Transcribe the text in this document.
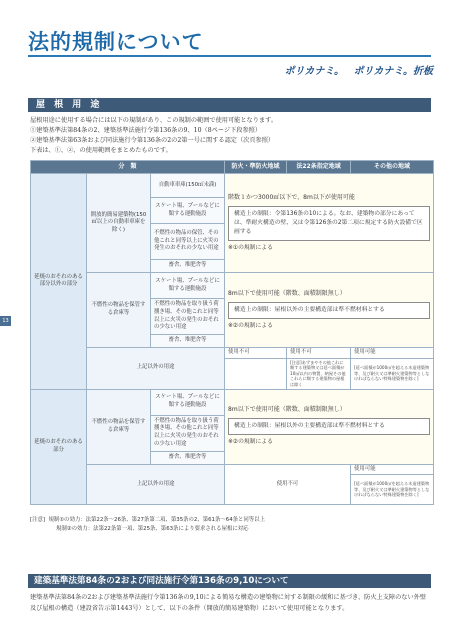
法的規制について
ポリカナミ。 ポリカナミ。折板
屋 根 用 途
屋根用途に使用する場合には以下の規制があり、この規制の範囲で使用可能となります。
①建築基準法第84条の2、建築基準法施行令第136条の9、10（8ページ下段参照）
②建築基準法第63条および同法施行令第136条の2の2第一号に関する認定（次頁参照）
下表は、①、②、の使用範囲をまとめたものです。
13
分　類			防火・準防火地域	法22条指定地域	その他の地域
延焼のおそれのある部分以外の部分	開放的簡易建築物(150㎡以上の自動車車庫を除く)	自動車車庫(150㎡未満)	階数１かつ3000㎡以下で、8m以下が使用可能
構造上の制限：令第136条の10による。なお、建築物の部分にあっては、準耐火構造の壁、又は令第126条の2第二項に規定する防火設備で区画する
※①の規制による		

		スケート場、プールなどに類する運動施設			
		不燃性の物品の保管、その他これと同等以上に火災の発生のおそれの少ない用途			
		畜舎、堆肥舎等			
	不燃性の物品を保管する倉庫等	スケート場、プールなどに類する運動施設	8m以下で使用可能（階数、面積制限無し）
構造上の制限：屋根以外の主要構造部は準不燃材料とする
※②の規制による		

		不燃性の物品を取り扱う荷捌き場、その他これと同等以上に火災の発生のおそれの少ない用途			
		畜舎、堆肥舎等			
	上記以外の用途		使用不可	使用不可	使用可能
				[注意]あずまやその他これに類する建築物又は延べ面積が10㎡以内の物置、納屋その他これらに類する建築物の屋根は除く	[延べ面積が1000㎡を超える木造建築物等、及び耐火又は準耐火建築物等としなければならない特殊建築物を除く]
延焼のおそれのある部分	不燃性の物品を保管する倉庫等	スケート場、プールなどに類する運動施設	8m以下で使用可能（階数、面積制限無し）
構造上の制限：屋根以外の主要構造部は準不燃材料とする
※②の規制による		

		不燃性の物品を取り扱う荷捌き場、その他これと同等以上に火災の発生のおそれの少ない用途			
		畜舎、堆肥舎等			
	上記以外の用途		使用不可		使用可能
					[延べ面積が1000㎡を超える木造建築物等、及び耐火又は準耐火建築物等としなければならない特殊建築物を除く]
[注意] 規制①の効力：法第22条～26条、第27条第二項、第35条の2、第61条～64条と同等以上
規制②の効力：法第22条第一項、第25条、第63条により要求される屋根に対応
建築基準法第84条の2および同法施行令第136条の9,10について
建築基準法第84条の2および建築基準法施行令第136条の9,10による簡易な構造の建築物に対する制限の緩和に基づき、防火上支障のない外壁及び屋根の構造（建設省告示第1443号）として、以下の条件（開放的簡易建築物）において使用可能となります。
